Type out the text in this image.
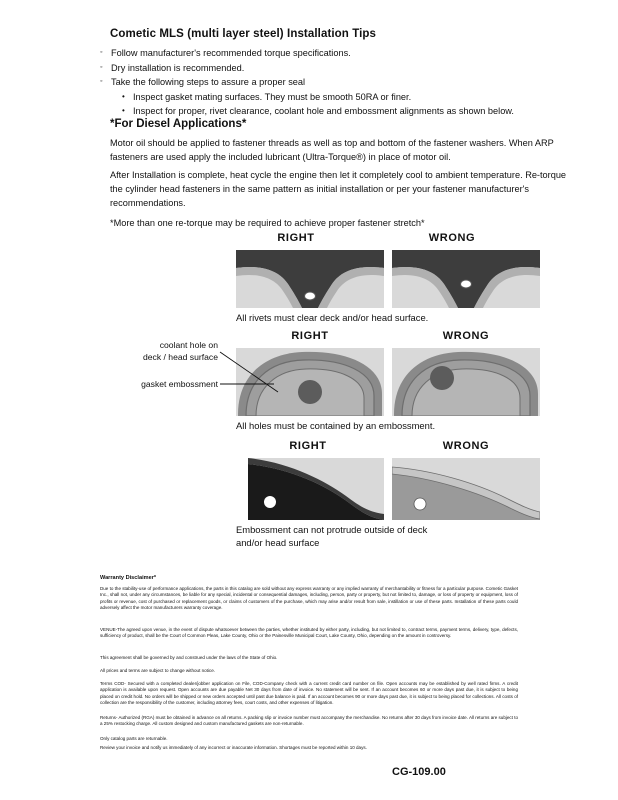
Cometic MLS (multi layer steel) Installation Tips
◦ Follow manufacturer's recommended torque specifications.
◦ Dry installation is recommended.
◦ Take the following steps to assure a proper seal
• Inspect gasket mating surfaces. They must be smooth 50RA or finer.
• Inspect for proper, rivet clearance, coolant hole and embossment alignments as shown below.
*For Diesel Applications*
Motor oil should be applied to fastener threads as well as top and bottom of the fastener washers. When ARP fasteners are used apply the included lubricant (Ultra-Torque®) in place of motor oil.
After Installation is complete, heat cycle the engine then let it completely cool to ambient temperature. Re-torque the cylinder head fasteners in the same pattern as initial installation or per your fastener manufacturer's recommendations.
*More than one re-torque may be required to achieve proper fastener stretch*
RIGHT	WRONG
All rivets must clear deck and/or head surface.
RIGHT	WRONG
coolant hole on
deck / head surface
gasket embossment
All holes must be contained by an embossment.
RIGHT	WRONG
Embossment can not protrude outside of deck
and/or head surface
Warranty Disclaimer*
Due to the stability-use of performance applications, the parts in this catalog are sold without any express warranty or any implied warranty of merchantability or fitness for a particular purpose. Cometic Gasket Inc., shall not, under any circumstances, be liable for any special, incidental or consequential damages, including, person, party or property, but not limited to, damage, or loss of property or equipment, loss of profits or revenue, cost of purchased or replacement goods, or claims of customers of the purchase, which may arise and/or result from sale, instillation or use of these parts. Installation of these parts could adversely affect the motor manufacturers warranty coverage.
VENUE-The agreed upon venue, in the event of dispute whatsoever between the parties, whether instituted by either party, including, but not limited to, contract terms, payment terms, delivery, type, defects, sufficiency of product, shall be the Court of Common Pleas, Lake County, Ohio or the Painesville Municipal Court, Lake County, Ohio, depending on the amount in controversy.
This agreement shall be governed by and construed under the laws of the State of Ohio.
All prices and terms are subject to change without notice.
Terms COD- Secured with a completed dealer/jobber application on File, COD-Company check with a current credit card number on file. Open accounts may be established by well rated firms. A credit application is available upon request. Open accounts are due payable Net 30 days from date of invoice. No statement will be sent. If an account becomes 60 or more days past due, it is subject to being placed on credit hold. No orders will be shipped or new orders accepted until past due balance is paid. If an account becomes 90 or more days past due, it is subject to being placed for collections. All costs of collection are the responsibility of the customer, including attorney fees, court costs, and other expenses of litigation.
Returns- Authorized (RGA) must be obtained in advance on all returns. A packing slip or invoice number must accompany the merchandise. No returns after 30 days from invoice date. All returns are subject to a 25% restocking charge. All custom designed and custom manufactured gaskets are non-returnable.
Only catalog parts are returnable.
Review your invoice and notify us immediately of any incorrect or inaccurate information. Shortages must be reported within 10 days.
CG-109.00
